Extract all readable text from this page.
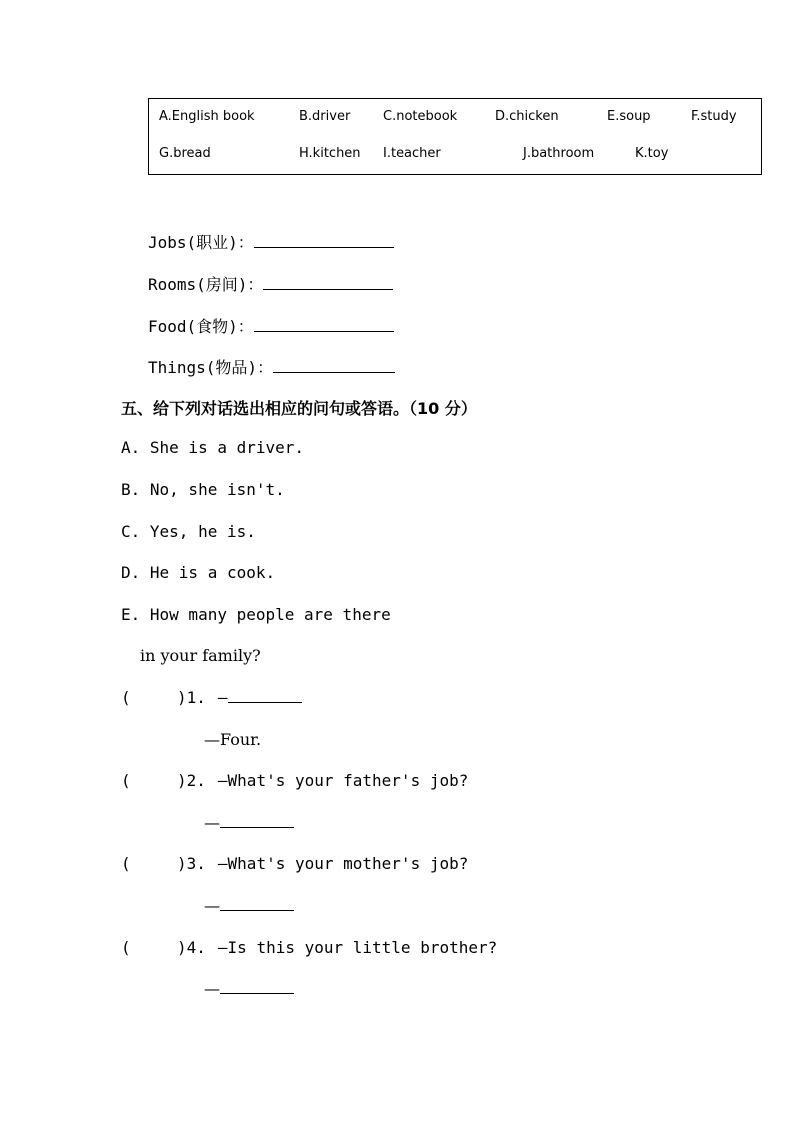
A.English book	B.driver	C.notebook	D.chicken	E.soup	F.study
G.bread	H.kitchen I.teacher	J.bathroom	K.toy
Jobs(职业)：
Rooms(房间)：
Food(食物)：
Things(物品)：
五、给下列对话选出相应的问句或答语。（10 分）
A. She is a driver.
B. No, she isn't.
C. Yes, he is.
D. He is a cook.
E. How many people are there
in your family?
(	)1. —
—Four.
(	)2. —What's your father's job?
—
(	)3. —What's your mother's job?
—
(	)4. —Is this your little brother?
—
